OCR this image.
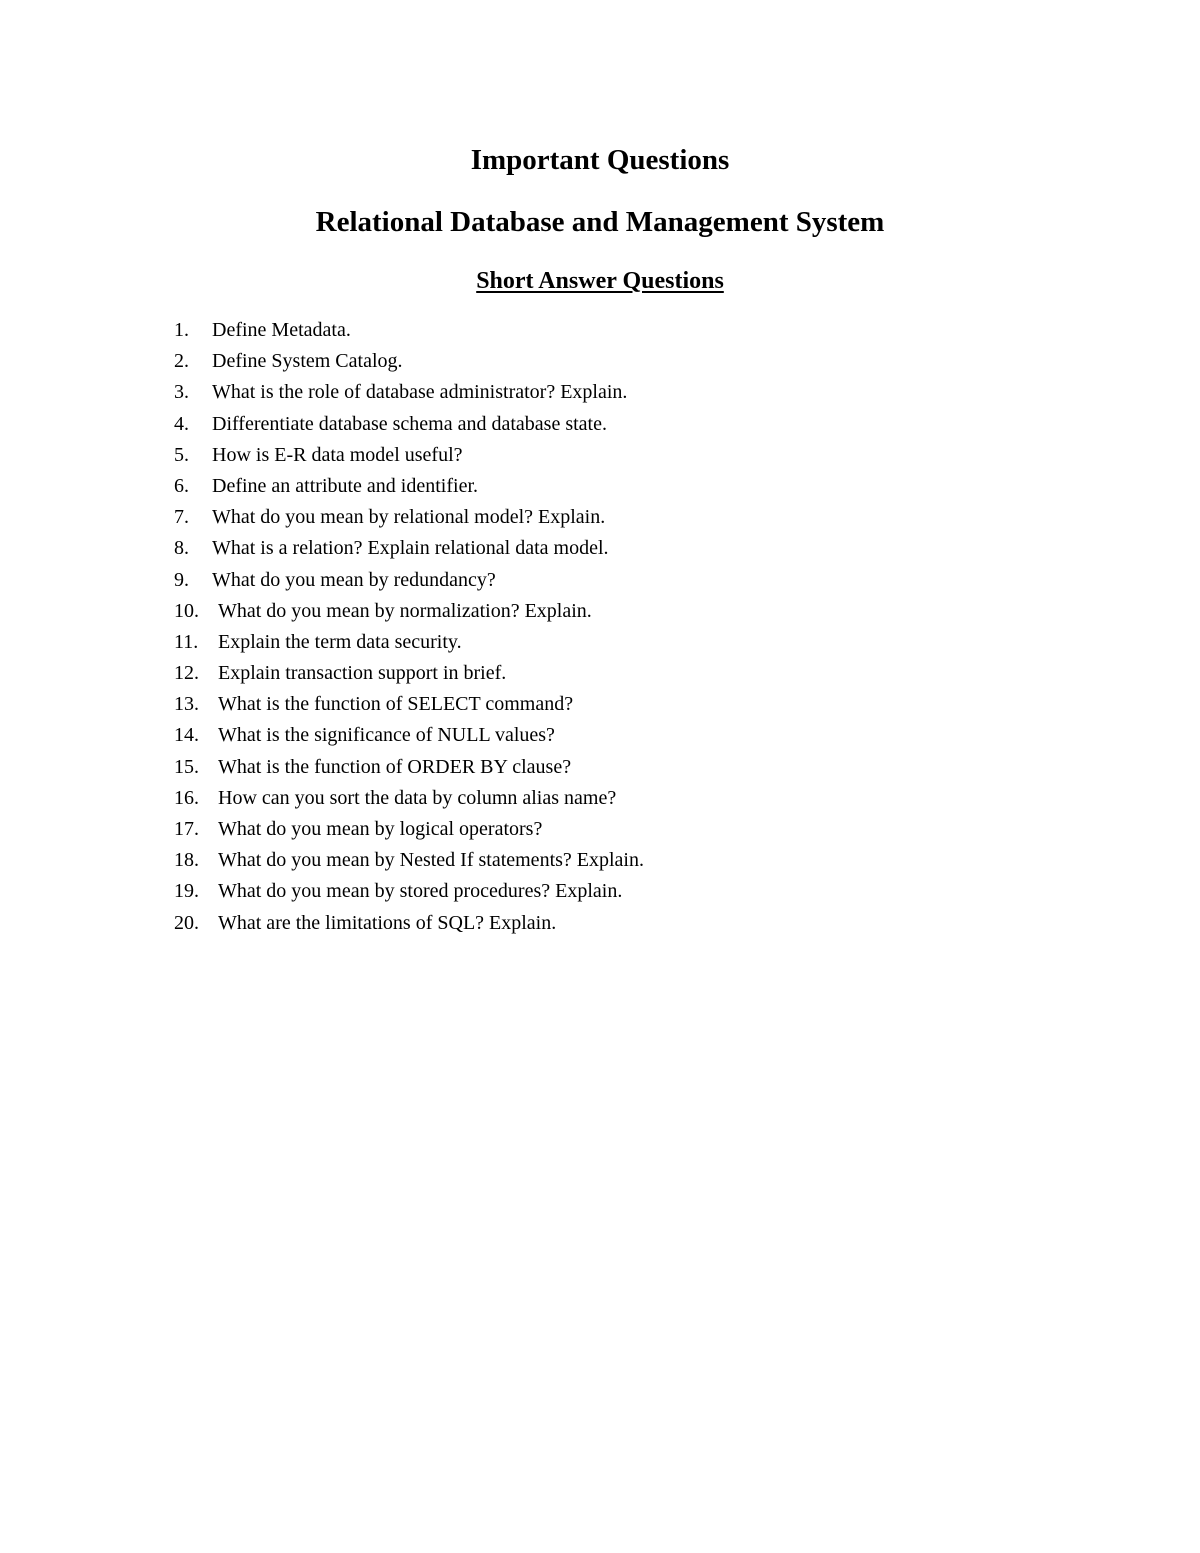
Important Questions
Relational Database and Management System
Short Answer Questions
1.	Define Metadata.
2.	Define System Catalog.
3.	What is the role of database administrator? Explain.
4.	Differentiate database schema and database state.
5.	How is E-R data model useful?
6.	Define an attribute and identifier.
7.	What do you mean by relational model? Explain.
8.	What is a relation? Explain relational data model.
9.	What do you mean by redundancy?
10. What do you mean by normalization? Explain.
11. Explain the term data security.
12. Explain transaction support in brief.
13. What is the function of SELECT command?
14. What is the significance of NULL values?
15. What is the function of ORDER BY clause?
16. How can you sort the data by column alias name?
17. What do you mean by logical operators?
18. What do you mean by Nested If statements? Explain.
19. What do you mean by stored procedures? Explain.
20. What are the limitations of SQL? Explain.
